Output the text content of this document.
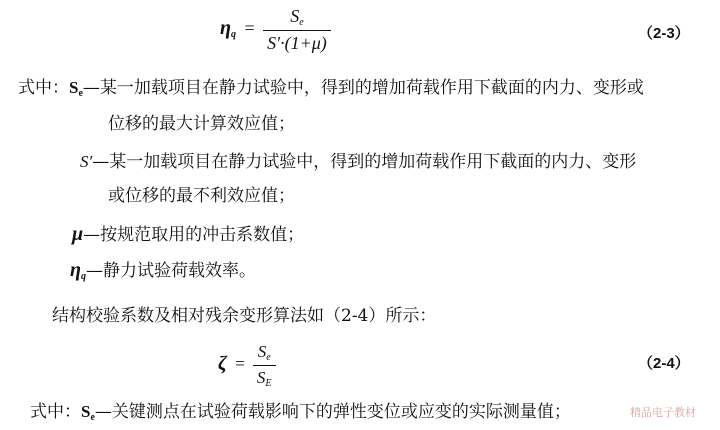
$\eta_q = \frac{S_e}{S'\cdot(1+\mu)}$	（2-3）
式中：$S_e—$某一加载项目在静力试验中，得到的增加荷载作用下截面的内力、变形或
位移的最大计算效应值；
S′—某一加载项目在静力试验中，得到的增加荷载作用下截面的内力、变形
或位移的最不利效应值；
μ—按规范取用的冲击系数值；
$\eta_q—$静力试验荷载效率。
结构校验系数及相对残余变形算法如（2-4）所示：
$\zeta = \frac{S_e}{S_E}$	（2-4）
式中：$S_e—$关键测点在试验荷载影响下的弹性变位或应变的实际测量值；	精品电子教材
